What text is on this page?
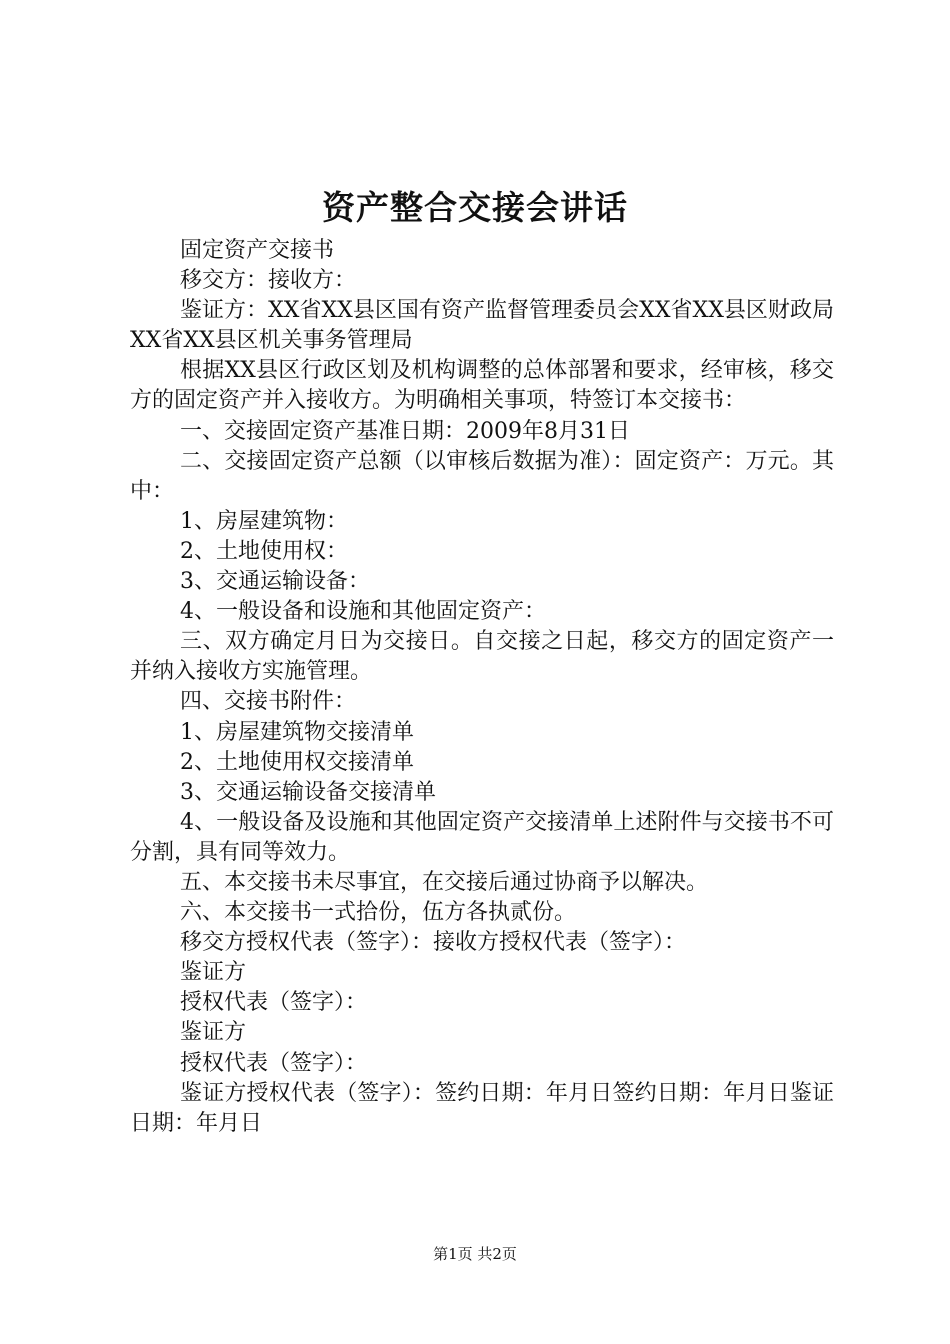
资产整合交接会讲话

固定资产交接书

移交方：接收方：

鉴证方：XX省XX县区国有资产监督管理委员会XX省XX县区财政局XX省XX县区机关事务管理局

根据XX县区行政区划及机构调整的总体部署和要求，经审核，移交方的固定资产并入接收方。为明确相关事项，特签订本交接书：

一、交接固定资产基准日期：2009年8月31日

二、交接固定资产总额（以审核后数据为准）：固定资产：万元。其中：

1、房屋建筑物：

2、土地使用权：

3、交通运输设备：

4、一般设备和设施和其他固定资产：

三、双方确定月日为交接日。自交接之日起，移交方的固定资产一并纳入接收方实施管理。

四、交接书附件：

1、房屋建筑物交接清单

2、土地使用权交接清单

3、交通运输设备交接清单

4、一般设备及设施和其他固定资产交接清单上述附件与交接书不可分割，具有同等效力。

五、本交接书未尽事宜，在交接后通过协商予以解决。

六、本交接书一式拾份，伍方各执贰份。

移交方授权代表（签字）：接收方授权代表（签字）：

鉴证方

授权代表（签字）：

鉴证方

授权代表（签字）：

鉴证方授权代表（签字）：签约日期：年月日签约日期：年月日鉴证日期：年月日

第1页 共2页
